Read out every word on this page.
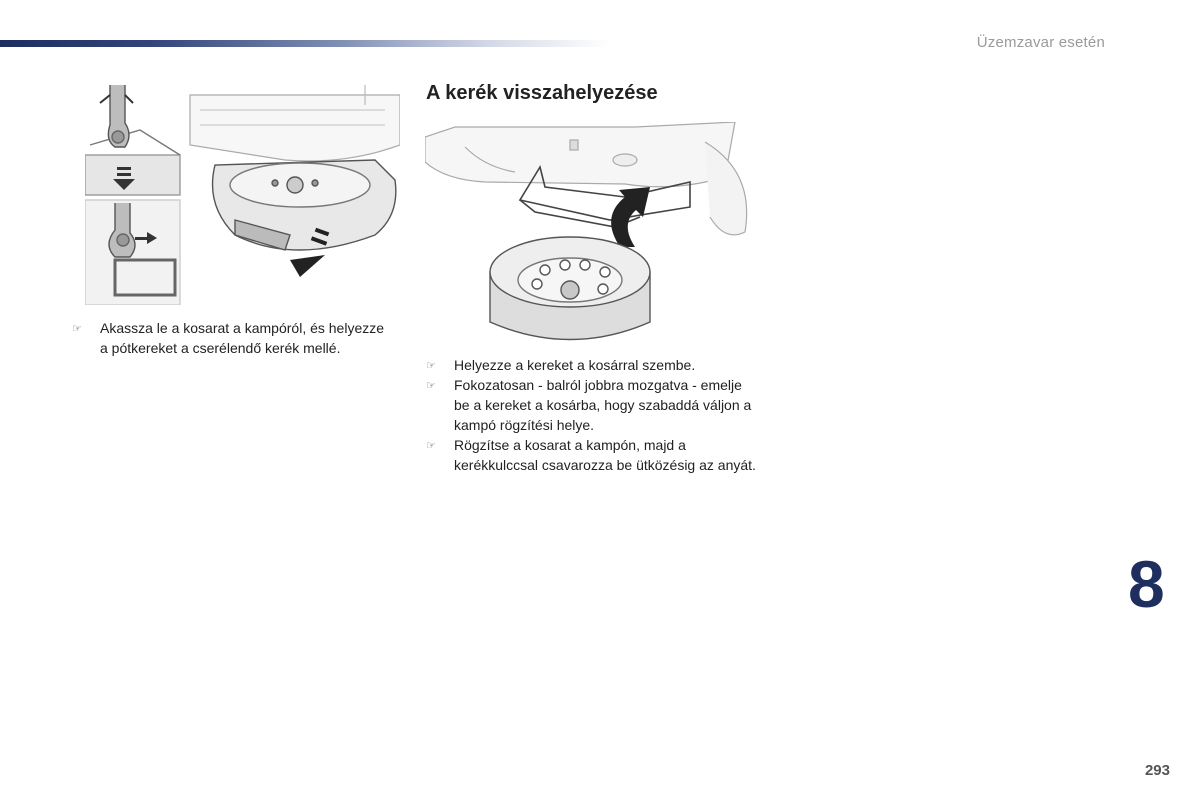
Üzemzavar esetén
☞ Akassza le a kosarat a kampóról, és helyezze a pótkereket a cserélendő kerék mellé.
A kerék visszahelyezése
☞ Helyezze a kereket a kosárral szembe.
☞ Fokozatosan - balról jobbra mozgatva - emelje be a kereket a kosárba, hogy szabaddá váljon a kampó rögzítési helye.
☞ Rögzítse a kosarat a kampón, majd a kerékkulccsal csavarozza be ütközésig az anyát.
8
293
